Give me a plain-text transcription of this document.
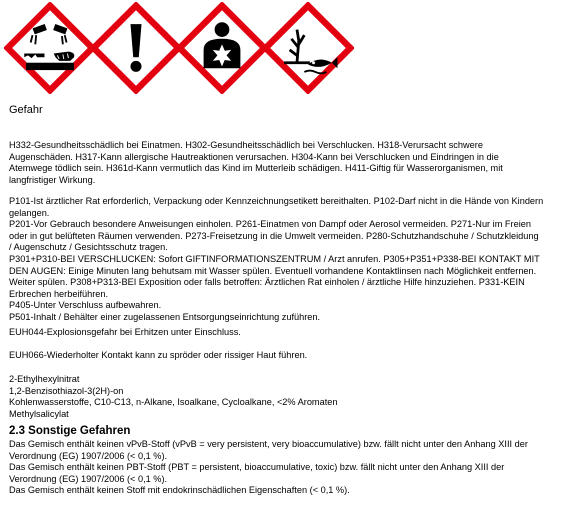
Gefahr

H332-Gesundheitsschädlich bei Einatmen. H302-Gesundheitsschädlich bei Verschlucken. H318-Verursacht schwere

Augenschäden. H317-Kann allergische Hautreaktionen verursachen. H304-Kann bei Verschlucken und Eindringen in die

Atemwege tödlich sein. H361d-Kann vermutlich das Kind im Mutterleib schädigen. H411-Giftig für Wasserorganismen, mit

langfristiger Wirkung.

P101-Ist ärztlicher Rat erforderlich, Verpackung oder Kennzeichnungsetikett bereithalten. P102-Darf nicht in die Hände von Kindern

gelangen.

P201-Vor Gebrauch besondere Anweisungen einholen. P261-Einatmen von Dampf oder Aerosol vermeiden. P271-Nur im Freien

oder in gut belüfteten Räumen verwenden. P273-Freisetzung in die Umwelt vermeiden. P280-Schutzhandschuhe / Schutzkleidung

/ Augenschutz / Gesichtsschutz tragen.

P301+P310-BEI VERSCHLUCKEN: Sofort GIFTINFORMATIONSZENTRUM / Arzt anrufen. P305+P351+P338-BEI KONTAKT MIT

DEN AUGEN: Einige Minuten lang behutsam mit Wasser spülen. Eventuell vorhandene Kontaktlinsen nach Möglichkeit entfernen.

Weiter spülen. P308+P313-BEI Exposition oder falls betroffen: Ärztlichen Rat einholen / ärztliche Hilfe hinzuziehen. P331-KEIN

Erbrechen herbeiführen.

P405-Unter Verschluss aufbewahren.

P501-Inhalt / Behälter einer zugelassenen Entsorgungseinrichtung zuführen.

EUH044-Explosionsgefahr bei Erhitzen unter Einschluss.

EUH066-Wiederholter Kontakt kann zu spröder oder rissiger Haut führen.

2-Ethylhexylnitrat

1,2-Benzisothiazol-3(2H)-on

Kohlenwasserstoffe, C10-C13, n-Alkane, Isoalkane, Cycloalkane, <2% Aromaten

Methylsalicylat

2.3 Sonstige Gefahren

Das Gemisch enthält keinen vPvB-Stoff (vPvB = very persistent, very bioaccumulative) bzw. fällt nicht unter den Anhang XIII der

Verordnung (EG) 1907/2006 (< 0,1 %).

Das Gemisch enthält keinen PBT-Stoff (PBT = persistent, bioaccumulative, toxic) bzw. fällt nicht unter den Anhang XIII der

Verordnung (EG) 1907/2006 (< 0,1 %).

Das Gemisch enthält keinen Stoff mit endokrinschädlichen Eigenschaften (< 0,1 %).
